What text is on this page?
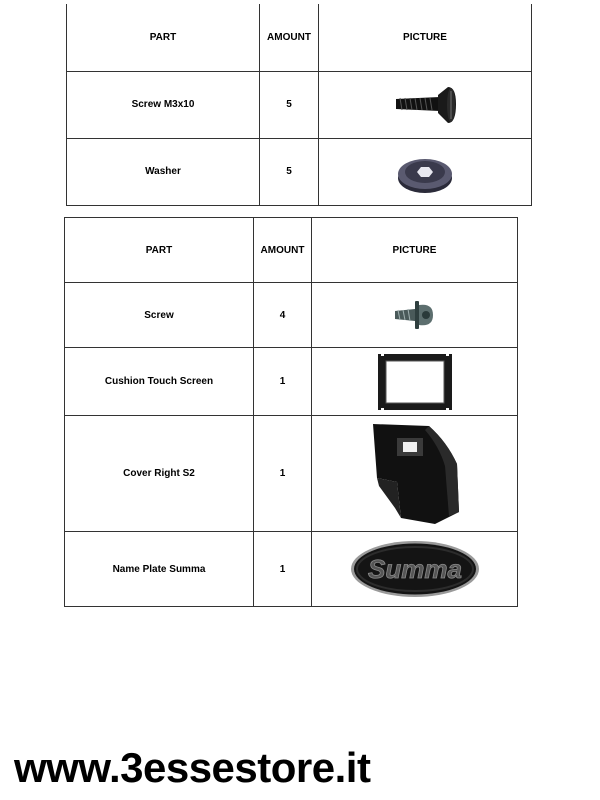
PART	AMOUNT	PICTURE
Screw M3x10	5	

Washer	5	
PART	AMOUNT	PICTURE
Screw	4	

Cushion Touch Screen	1	

Cover Right S2	1	

Name Plate Summa	1	Summa
www.3essestore.it
